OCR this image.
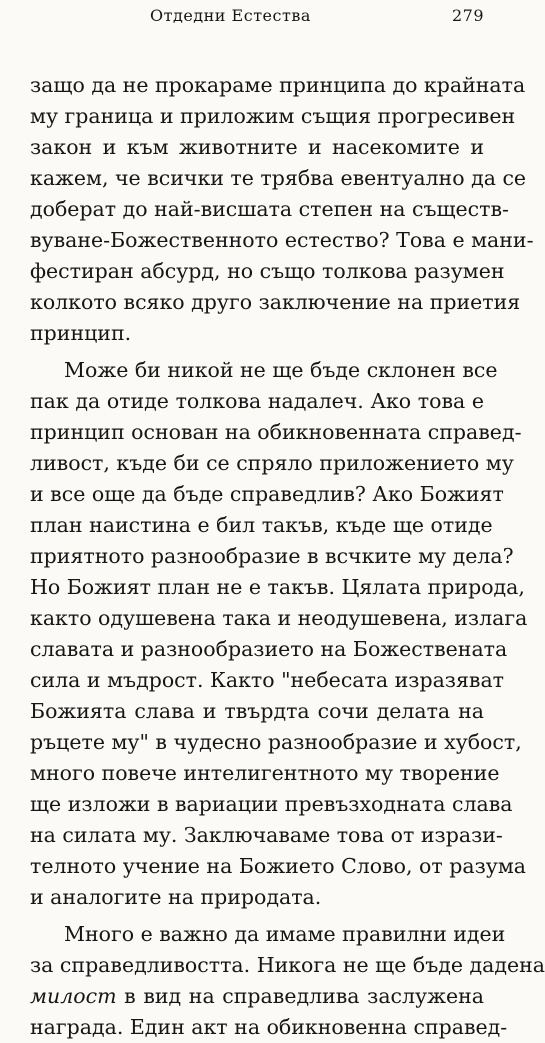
Отдедни Естества	279
защо да не прокараме принципа до крайната
му граница и приложим същия прогресивен
закон и към животните и насекомите и
кажем, че всички те трябва евентуално да се
доберат до най-висшата степен на съществ-
вуване-Божественното естество? Това е мани-
фестиран абсурд, но също толкова разумен
колкото всяко друго заключение на приетия
принцип.
Може би никой не ще бъде склонен все
пак да отиде толкова надалеч. Ако това е
принцип основан на обикновенната справед-
ливост, къде би се спряло приложението му
и все още да бъде справедлив? Ако Божият
план наистина е бил такъв, къде ще отиде
приятното разнообразие в всчките му дела?
Но Божият план не е такъв. Цялата природа,
както одушевена така и неодушевена, излага
славата и разнообразието на Божествената
сила и мъдрост. Както "небесата изразяват
Божията слава и твърдта сочи делата на
ръцете му" в чудесно разнообразие и хубост,
много повече интелигентното му творение
ще изложи в вариации превъзходната слава
на силата му. Заключаваме това от изрази-
телното учение на Божието Слово, от разума
и аналогите на природата.
Много е важно да имаме правилни идеи
за справедливостта. Никога не ще бъде дадена
милост в вид на справедлива заслужена
награда. Един акт на обикновенна справед-
